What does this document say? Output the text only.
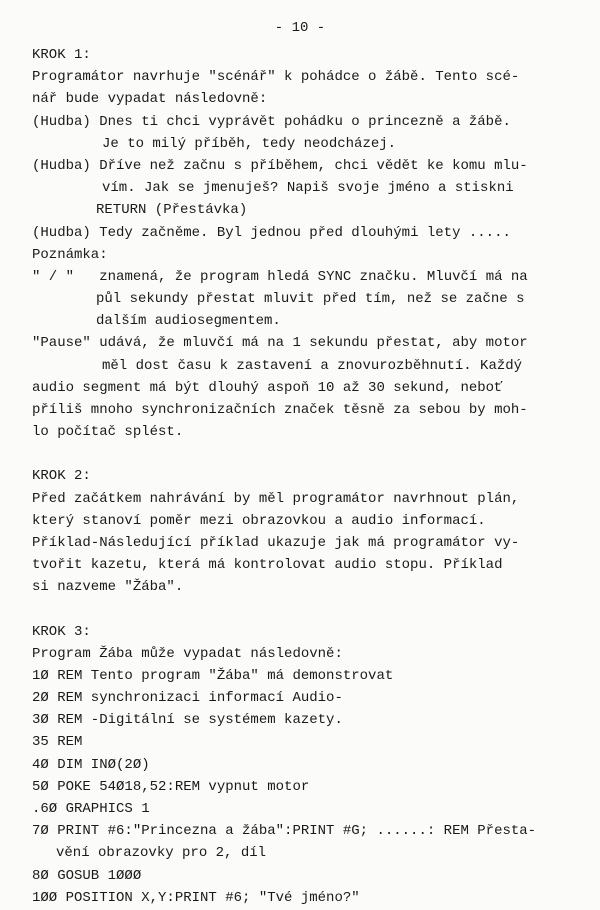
- 10 -
KROK 1:
Programátor navrhuje "scénář" k pohádce o žábě. Tento scé-
nář bude vypadat následovně:
(Hudba) Dnes ti chci vyprávět pohádku o princezně a žábě.
Je to milý příběh, tedy neodcházej.
(Hudba) Dříve než začnu s příběhem, chci vědět ke komu mlu-
vím. Jak se jmenuješ? Napiš svoje jméno a stiskni
RETURN (Přestávka)
(Hudba) Tedy začněme. Byl jednou před dlouhými lety .....
Poznámka:
" / " znamená, že program hledá SYNC značku. Mluvčí má na
půl sekundy přestat mluvit před tím, než se začne s
dalším audiosegmentem.
"Pause" udává, že mluvčí má na 1 sekundu přestat, aby motor
měl dost času k zastavení a znovurozběhnutí. Každý
audio segment má být dlouhý aspoň 10 až 30 sekund, neboť
příliš mnoho synchronizačních značek těsně za sebou by moh-
lo počítač splést.
KROK 2:
Před začátkem nahrávání by měl programátor navrhnout plán,
který stanoví poměr mezi obrazovkou a audio informací.
Příklad-Následující příklad ukazuje jak má programátor vy-
tvořit kazetu, která má kontrolovat audio stopu. Příklad
si nazveme "Žába".
KROK 3:
Program Žába může vypadat následovně:
1Ø REM Tento program "Žába" má demonstrovat
2Ø REM synchronizaci informací Audio-
3Ø REM -Digitální se systémem kazety.
35 REM
4Ø DIM INØ(2Ø)
5Ø POKE 54Ø18,52:REM vypnut motor
.6Ø GRAPHICS 1
7Ø PRINT #6:"Princezna a žába":PRINT #G; ......: REM Přesta-
vění obrazovky pro 2, díl
8Ø GOSUB 1ØØØ
1ØØ POSITION X,Y:PRINT #6; "Tvé jméno?"
